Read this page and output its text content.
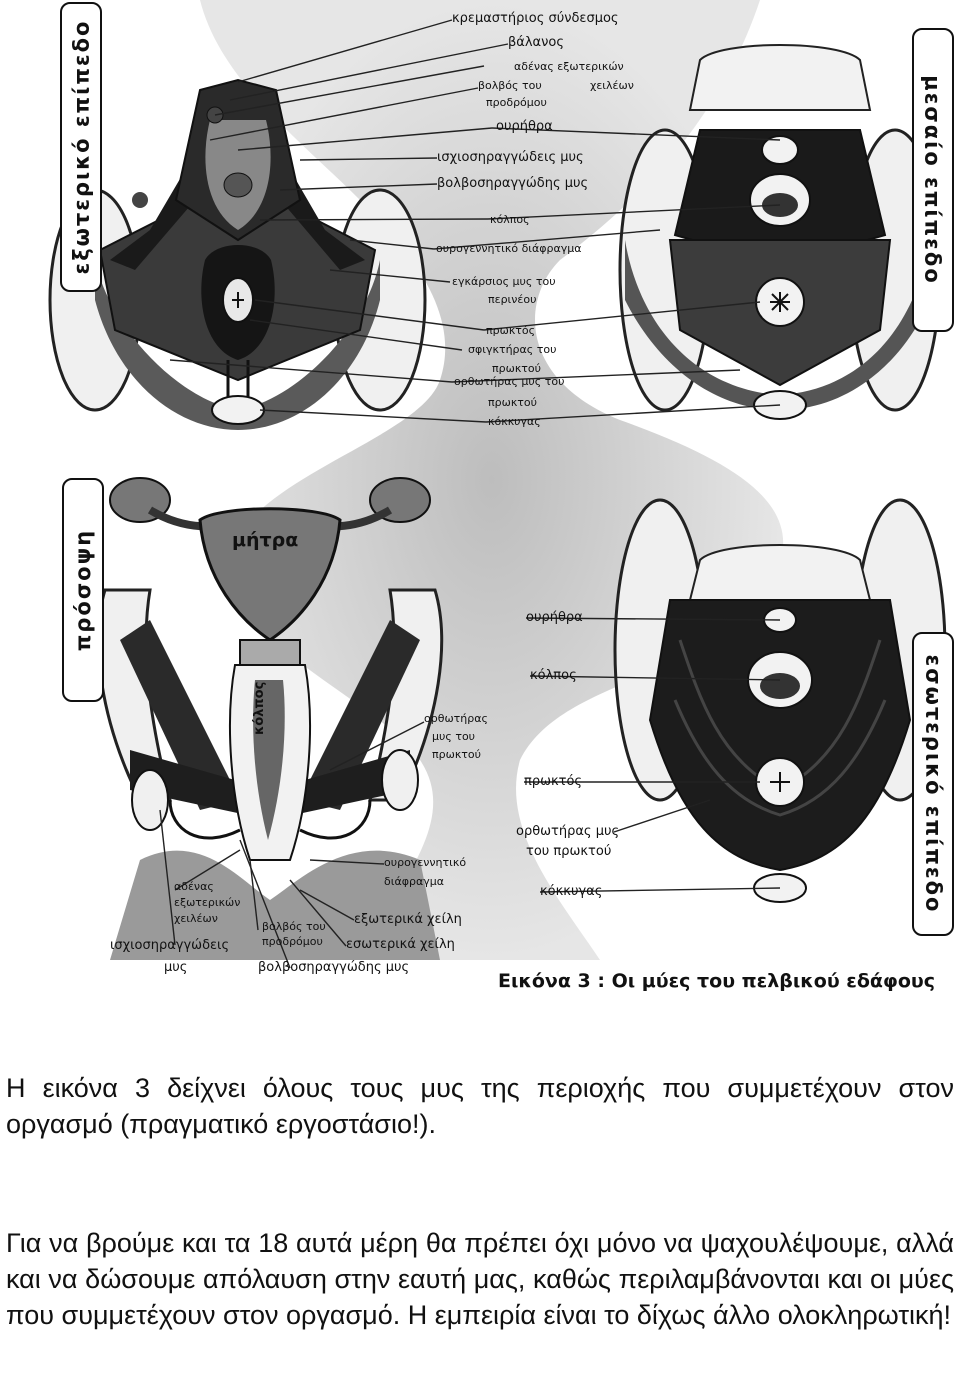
εξωτερικό επίπεδο	μεσαίο επίπεδο
πρόσοψη
εσωτερικό επίπεδο
κρεμαστήριος σύνδεσμος
βάλανος
αδένας εξωτερικών
χειλέων
βολβός του
προδρόμου
ουρήθρα
ισχιοσηραγγώδεις μυς
βολβοσηραγγώδης μυς
κόλπος
ουρογεννητικό διάφραγμα
εγκάρσιος μυς του
περινέου
πρωκτός
σφιγκτήρας του
πρωκτού
ορθωτήρας μυς του
πρωκτού
κόκκυγας
μήτρα
κόλπος	ορθωτήρας
μυς του
πρωκτού
ουρογεννητικό
διάφραγμα
αδένας
εξωτερικών
χειλέων
βολβός του
προδρόμου
εξωτερικά χείλη
εσωτερικά χείλη
ισχιοσηραγγώδεις
μυς	βολβοσηραγγώδης μυς
ουρήθρα
κόλπος
πρωκτός
ορθωτήρας μυς
του πρωκτού
κόκκυγας
Εικόνα 3 : Οι μύες του πελβικού εδάφους

Η εικόνα 3 δείχνει όλους τους μυς της περιοχής που συμμετέχουν στον οργασμό (πραγματικό εργοστάσιο!).

Για να βρούμε και τα 18 αυτά μέρη θα πρέπει όχι μόνο να ψαχουλέψουμε, αλλά και να δώσουμε απόλαυση στην εαυτή μας, καθώς περιλαμβάνονται και οι μύες που συμμετέχουν στον οργασμό. Η εμπειρία είναι το δίχως άλλο ολοκληρωτική!
